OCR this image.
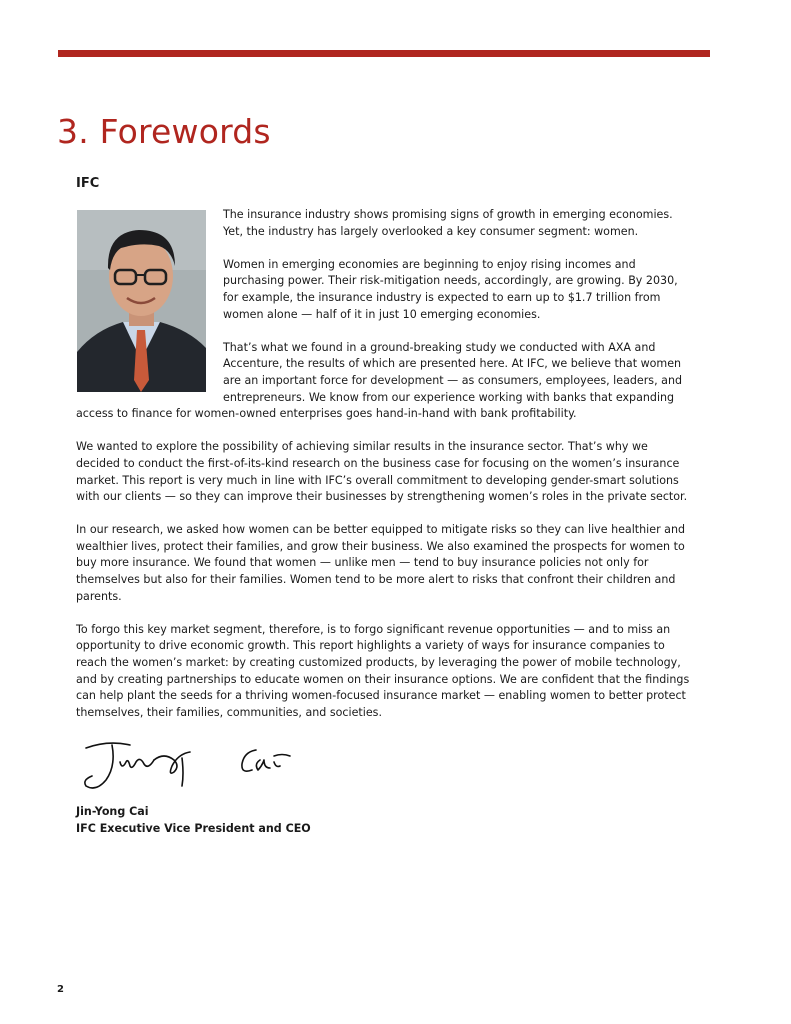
3. Forewords
IFC

The insurance industry shows promising signs of growth in emerging economies. Yet, the industry has largely overlooked a key consumer segment: women.

Women in emerging economies are beginning to enjoy rising incomes and purchasing power. Their risk-mitigation needs, accordingly, are growing. By 2030, for example, the insurance industry is expected to earn up to $1.7 trillion from women alone — half of it in just 10 emerging economies.

That’s what we found in a ground-breaking study we conducted with AXA and Accenture, the results of which are presented here. At IFC, we believe that women are an important force for development — as consumers, employees, leaders, and entrepreneurs. We know from our experience working with banks that expanding access to finance for women-owned enterprises goes hand-in-hand with bank profitability.

We wanted to explore the possibility of achieving similar results in the insurance sector. That’s why we decided to conduct the first-of-its-kind research on the business case for focusing on the women’s insurance market. This report is very much in line with IFC’s overall commitment to developing gender-smart solutions with our clients — so they can improve their businesses by strengthening women’s roles in the private sector.

In our research, we asked how women can be better equipped to mitigate risks so they can live healthier and wealthier lives, protect their families, and grow their business. We also examined the prospects for women to buy more insurance. We found that women — unlike men — tend to buy insurance policies not only for themselves but also for their families. Women tend to be more alert to risks that confront their children and parents.

To forgo this key market segment, therefore, is to forgo significant revenue opportunities — and to miss an opportunity to drive economic growth. This report highlights a variety of ways for insurance companies to reach the women’s market: by creating customized products, by leveraging the power of mobile technology, and by creating partnerships to educate women on their insurance options. We are confident that the findings can help plant the seeds for a thriving women-focused insurance market — enabling women to better protect themselves, their families, communities, and societies.

Jin-Yong Cai
IFC Executive Vice President and CEO
2
